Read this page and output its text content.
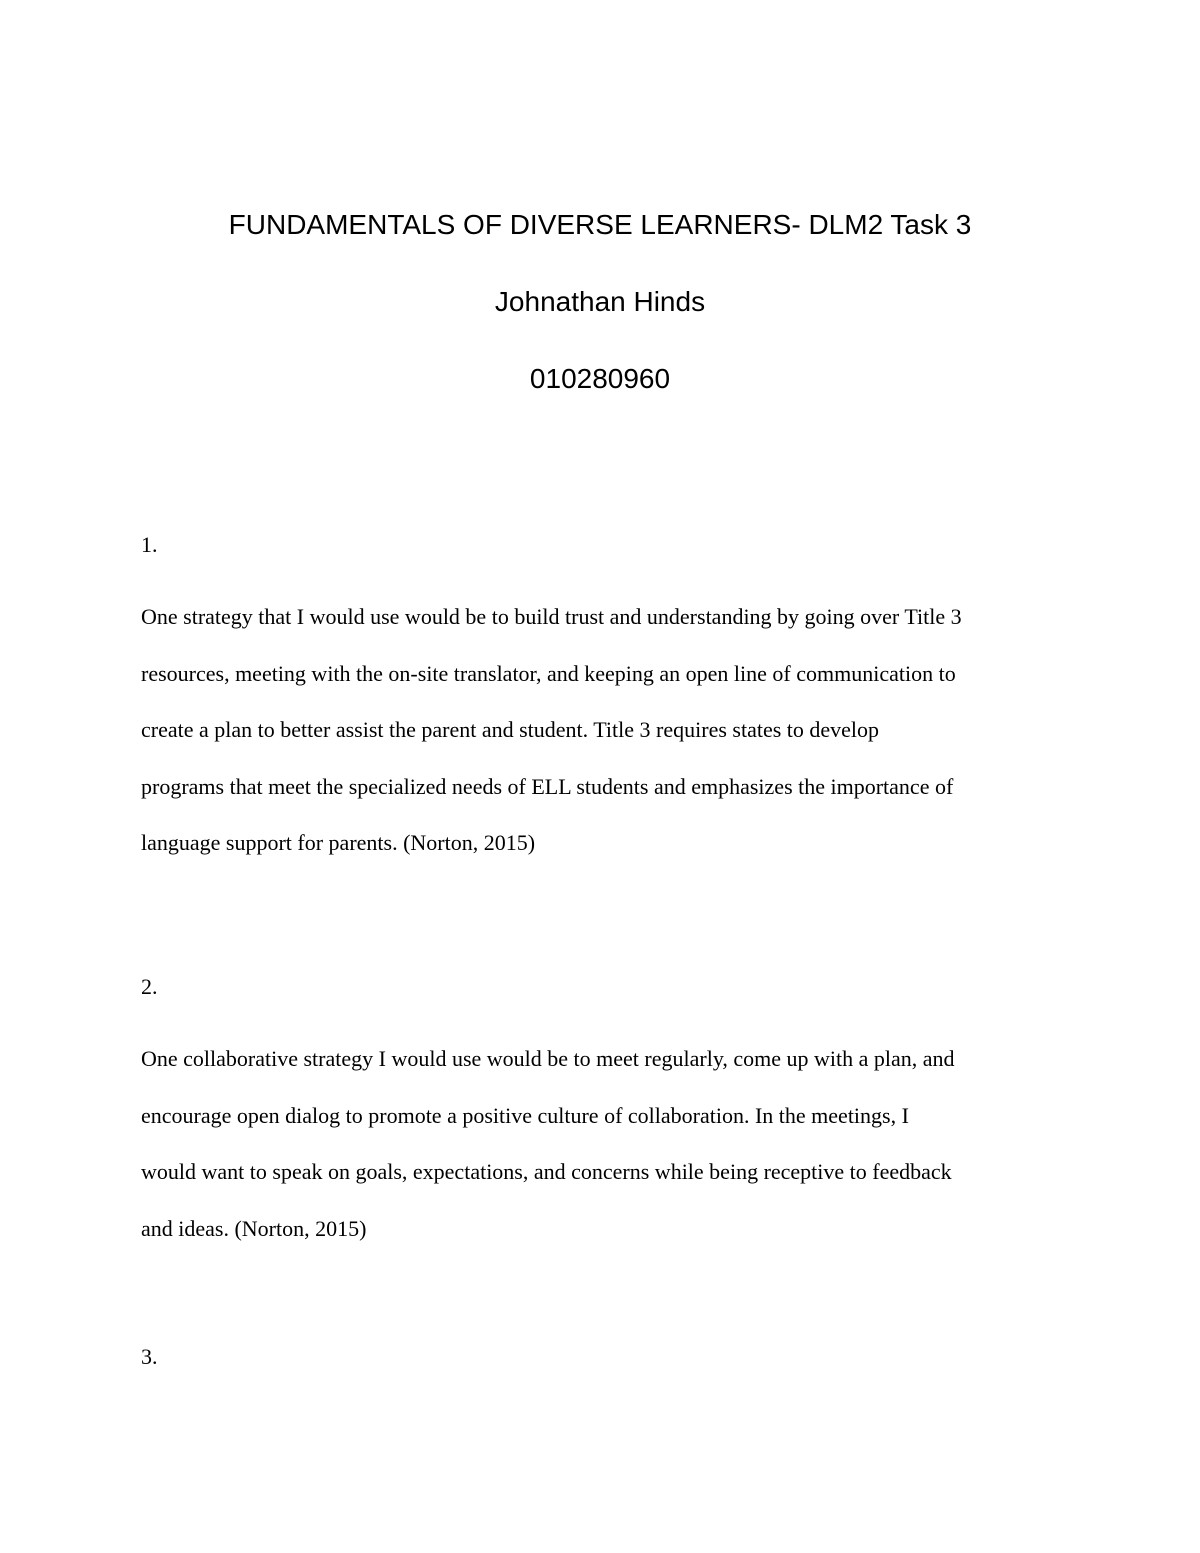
FUNDAMENTALS OF DIVERSE LEARNERS- DLM2 Task 3
Johnathan Hinds
010280960
1.
One strategy that I would use would be to build trust and understanding by going over Title 3
resources, meeting with the on-site translator, and keeping an open line of communication to
create a plan to better assist the parent and student. Title 3 requires states to develop
programs that meet the specialized needs of ELL students and emphasizes the importance of
language support for parents. (Norton, 2015)
2.
One collaborative strategy I would use would be to meet regularly, come up with a plan, and
encourage open dialog to promote a positive culture of collaboration. In the meetings, I
would want to speak on goals, expectations, and concerns while being receptive to feedback
and ideas. (Norton, 2015)
3.
